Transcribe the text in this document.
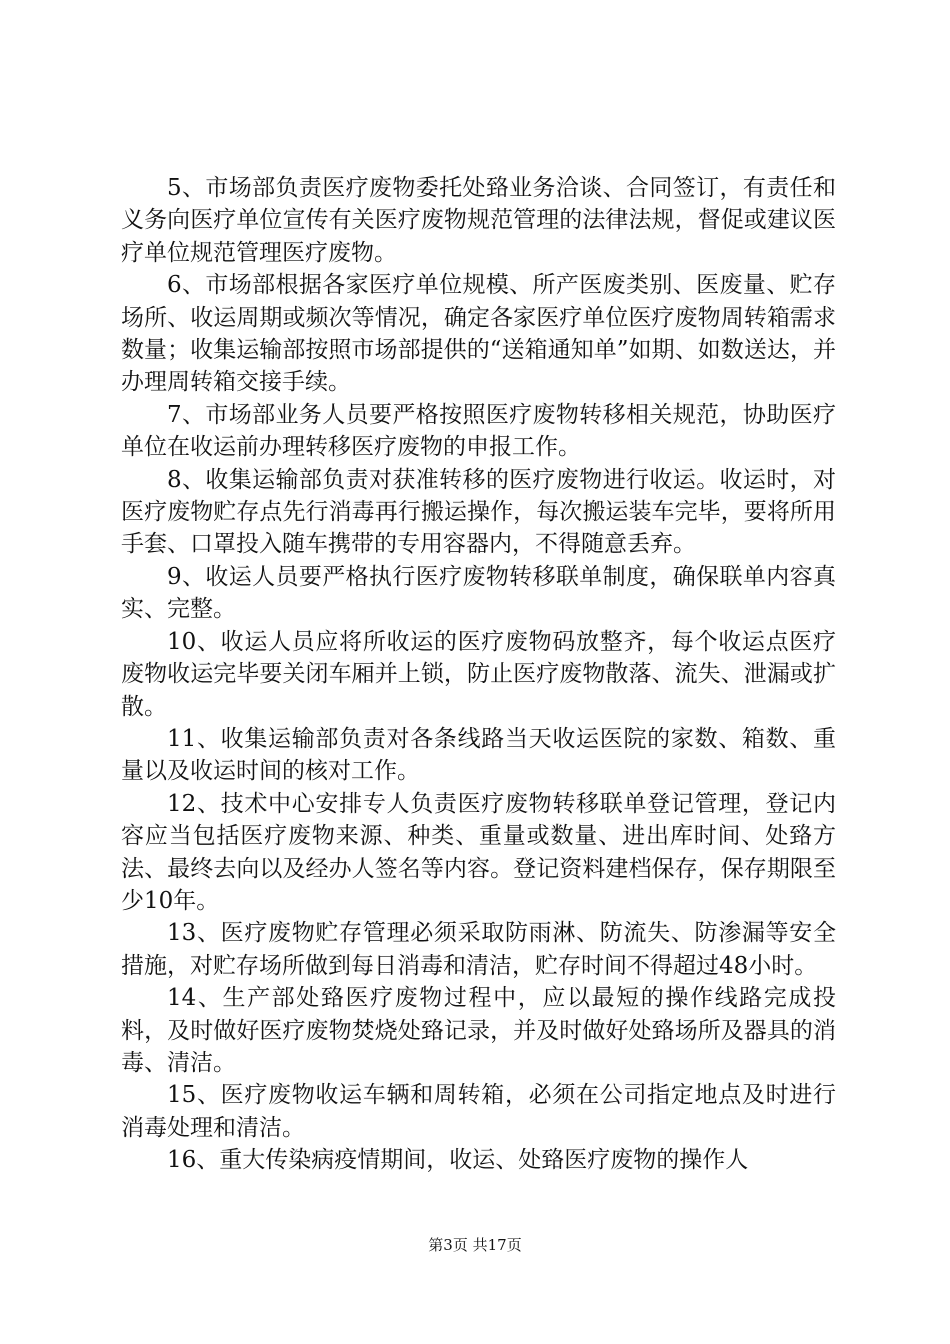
5、市场部负责医疗废物委托处臵业务洽谈、合同签订，有责任和义务向医疗单位宣传有关医疗废物规范管理的法律法规，督促或建议医疗单位规范管理医疗废物。

6、市场部根据各家医疗单位规模、所产医废类别、医废量、贮存场所、收运周期或频次等情况，确定各家医疗单位医疗废物周转箱需求数量；收集运输部按照市场部提供的“送箱通知单”如期、如数送达，并办理周转箱交接手续。

7、市场部业务人员要严格按照医疗废物转移相关规范，协助医疗单位在收运前办理转移医疗废物的申报工作。

8、收集运输部负责对获准转移的医疗废物进行收运。收运时，对医疗废物贮存点先行消毒再行搬运操作，每次搬运装车完毕，要将所用手套、口罩投入随车携带的专用容器内，不得随意丢弃。

9、收运人员要严格执行医疗废物转移联单制度，确保联单内容真实、完整。

10、收运人员应将所收运的医疗废物码放整齐，每个收运点医疗废物收运完毕要关闭车厢并上锁，防止医疗废物散落、流失、泄漏或扩散。

11、收集运输部负责对各条线路当天收运医院的家数、箱数、重量以及收运时间的核对工作。

12、技术中心安排专人负责医疗废物转移联单登记管理，登记内容应当包括医疗废物来源、种类、重量或数量、进出库时间、处臵方法、最终去向以及经办人签名等内容。登记资料建档保存，保存期限至少10年。

13、医疗废物贮存管理必须采取防雨淋、防流失、防渗漏等安全措施，对贮存场所做到每日消毒和清洁，贮存时间不得超过48小时。

14、生产部处臵医疗废物过程中，应以最短的操作线路完成投料，及时做好医疗废物焚烧处臵记录，并及时做好处臵场所及器具的消毒、清洁。

15、医疗废物收运车辆和周转箱，必须在公司指定地点及时进行消毒处理和清洁。

16、重大传染病疫情期间，收运、处臵医疗废物的操作人

第3页 共17页
